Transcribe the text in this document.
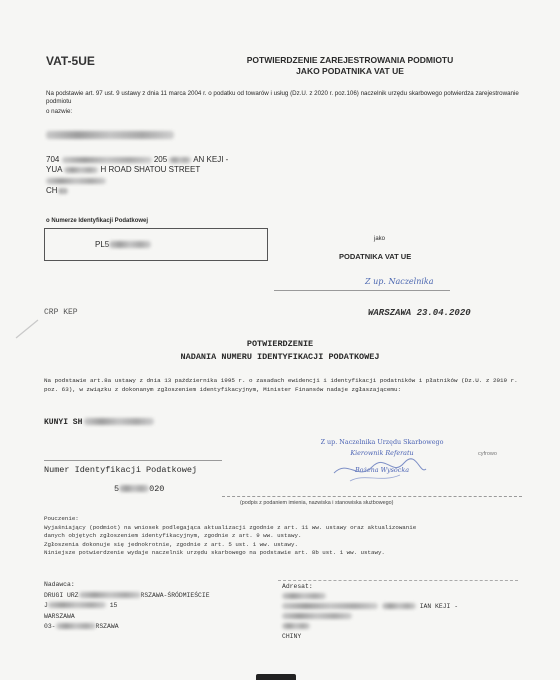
VAT-5UE	POTWIERDZENIE ZAREJESTROWANIA PODMIOTU
JAKO PODATNIKA VAT UE
Na podstawie art. 97 ust. 9 ustawy z dnia 11 marca 2004 r. o podatku od towarów i usług (Dz.U. z 2020 r. poz.106) naczelnik urzędu skarbowego potwierdza zarejestrowanie podmiotu
o nazwie:
704	205	AN KEJI -
YUA	H ROAD SHATOU STREET
CH
o Numerze Identyfikacji Podatkowej
PL5
jako
PODATNIKA VAT UE
Z up. Naczelnika
CRP KEP	WARSZAWA 23.04.2020
POTWIERDZENIE
NADANIA NUMERU IDENTYFIKACJI PODATKOWEJ
Na podstawie art.8a ustawy z dnia 13 października 1995 r. o zasadach ewidencji i identyfikacji podatników i płatników (Dz.U. z 2019 r. poz. 63), w związku z dokonanym zgłoszeniem identyfikacyjnym, Minister Finansów nadaje zgłaszającemu:
KUNYI SH
Z up. Naczelnika Urzędu Skarbowego
Kierownik Referatu
Bożena Wysocka
cyfrowo
Numer Identyfikacji Podatkowej
5	020
(podpis z podaniem imienia, nazwiska i stanowiska służbowego)
Pouczenie:
Wyjaśniający (podmiot) na wniosek podlegająca aktualizacji zgodnie z art. 11 ww. ustawy oraz aktualizowanie
danych objętych zgłoszeniem identyfikacyjnym, zgodnie z art. 9 ww. ustawy.
Zgłoszenia dokonuje się jednokrotnie, zgodnie z art. 5 ust. 1 ww. ustawy.
Niniejsze potwierdzenie wydaje naczelnik urzędu skarbowego na podstawie art. 8b ust. 1 ww. ustawy.
Nadawca:
DRUGI URZ	RSZAWA-ŚRÓDMIEŚCIE
J	15
WARSZAWA
03-	RSZAWA
Adresat:
IAN KEJI -
CHINY
